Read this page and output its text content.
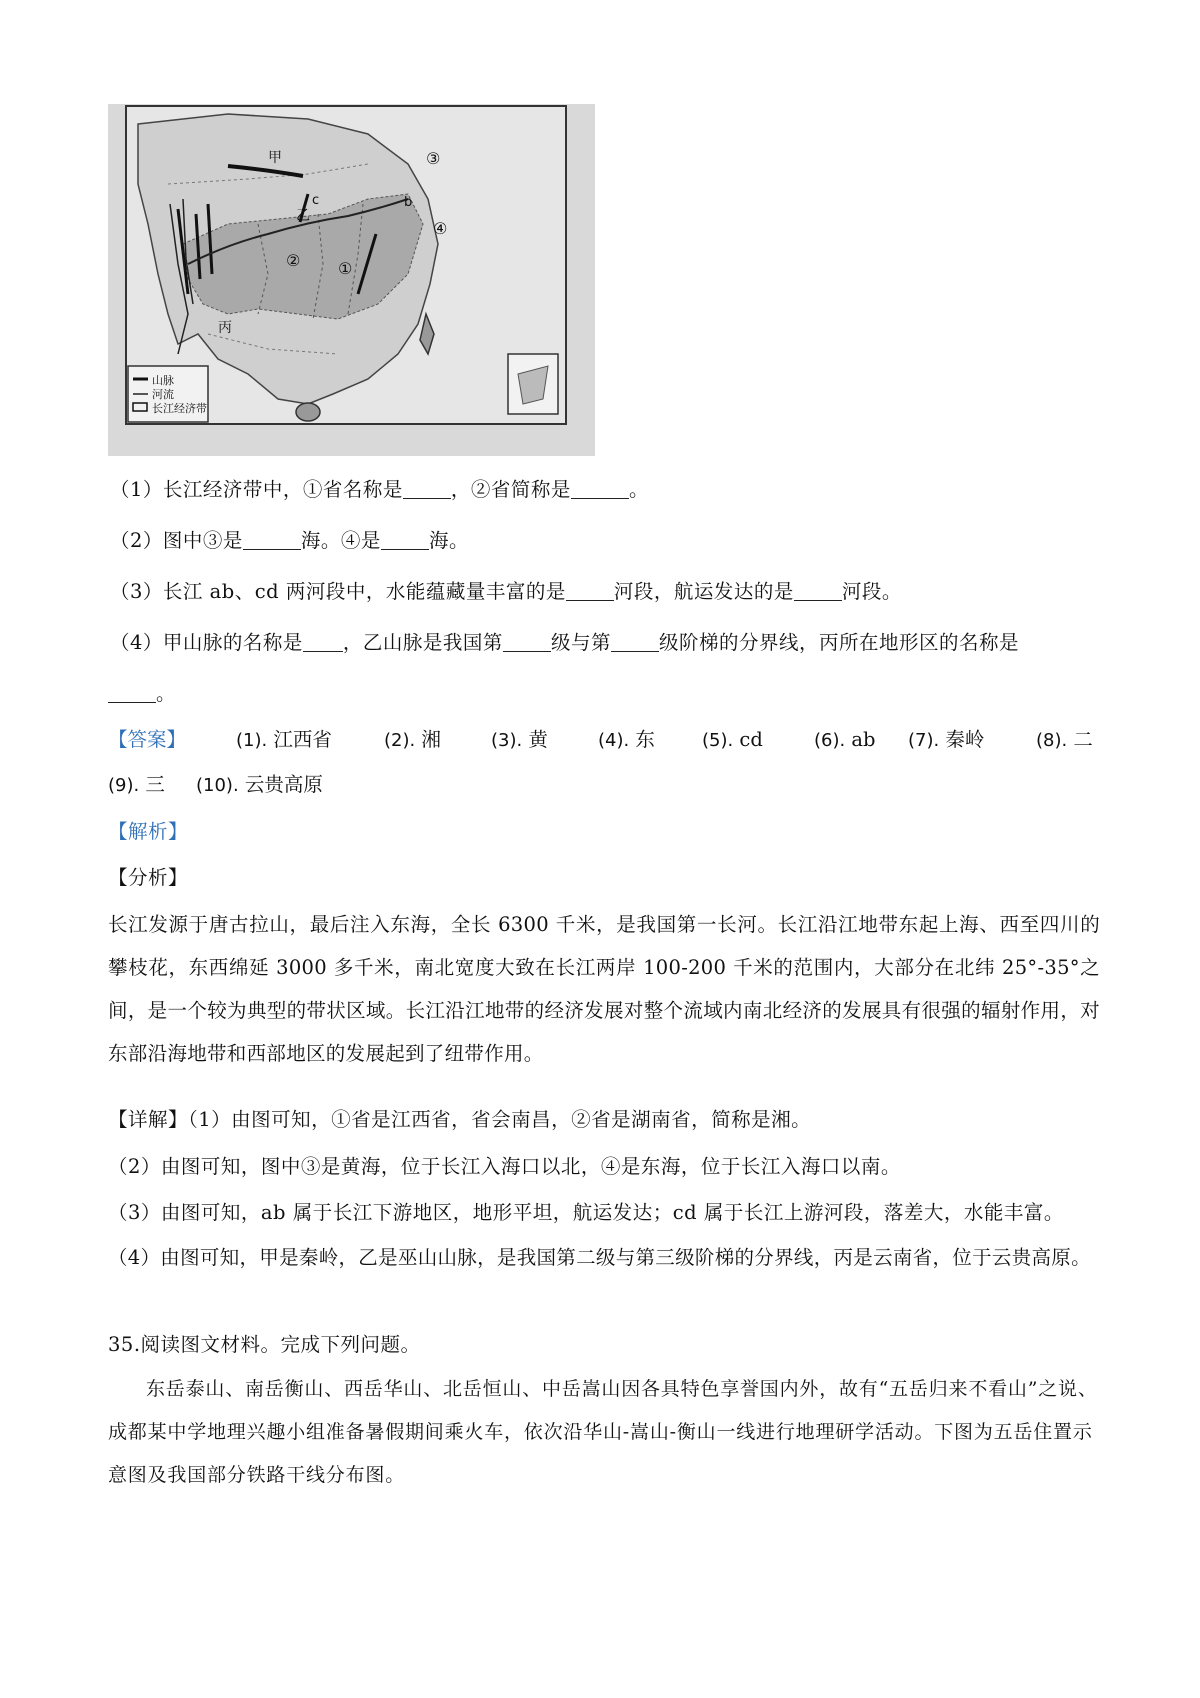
山脉
河流
长江经济带
甲
乙
丙
c	b
①
②
③
④
（1）长江经济带中，①省名称是 ，②省简称是	。
（2）图中③是	海。④是 海。
（3）长江 ab、cd 两河段中，水能蕴藏量丰富的是 河段，航运发达的是 河段。
（4）甲山脉的名称是 ，乙山脉是我国第 级与第 级阶梯的分界线，丙所在地形区的名称是
。
【答案】	(1). 江西省	(2). 湘	(3). 黄	(4). 东	(5). cd	(6). ab (7). 秦岭	(8). 二
(9). 三 (10). 云贵高原
【解析】
【分析】
长江发源于唐古拉山，最后注入东海，全长 6300 千米，是我国第一长河。长江沿江地带东起上海、西至四川的攀枝花，东西绵延 3000 多千米，南北宽度大致在长江两岸 100-200 千米的范围内，大部分在北纬 25°-35°之间，是一个较为典型的带状区域。长江沿江地带的经济发展对整个流域内南北经济的发展具有很强的辐射作用，对东部沿海地带和西部地区的发展起到了纽带作用。
【详解】（1）由图可知，①省是江西省，省会南昌，②省是湖南省，简称是湘。
（2）由图可知，图中③是黄海，位于长江入海口以北，④是东海，位于长江入海口以南。
（3）由图可知，ab 属于长江下游地区，地形平坦，航运发达；cd 属于长江上游河段，落差大，水能丰富。
（4）由图可知，甲是秦岭，乙是巫山山脉，是我国第二级与第三级阶梯的分界线，丙是云南省，位于云贵高原。
35.阅读图文材料。完成下列问题。
东岳泰山、南岳衡山、西岳华山、北岳恒山、中岳嵩山因各具特色享誉国内外，故有“五岳归来不看山”之说、成都某中学地理兴趣小组准备暑假期间乘火车，依次沿华山-嵩山-衡山一线进行地理研学活动。下图为五岳住置示意图及我国部分铁路干线分布图。
